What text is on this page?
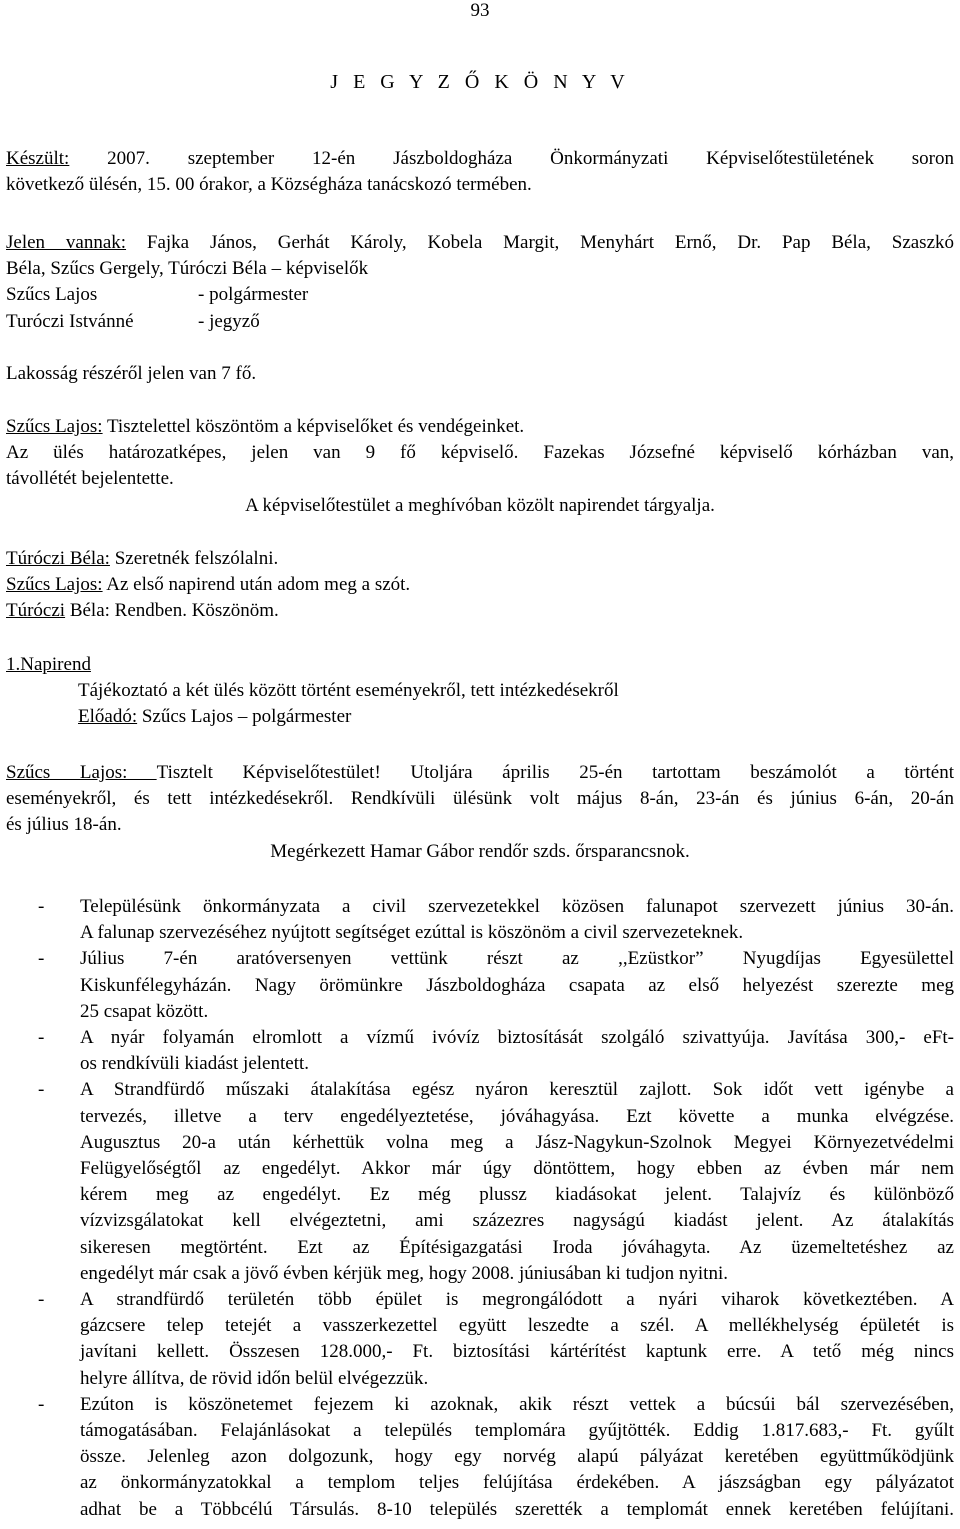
93
J E G Y Z Ő K Ö N Y V
Készült: 2007. szeptember 12-én Jászboldogháza Önkormányzati Képviselőtestületének soron
következő ülésén, 15. 00 órakor, a Községháza tanácskozó termében.
Jelen vannak: Fajka János, Gerhát Károly, Kobela Margit, Menyhárt Ernő, Dr. Pap Béla, Szaszkó
Béla, Szűcs Gergely, Túróczi Béla – képviselők
Szűcs Lajos	- polgármester
Turóczi Istvánné	- jegyző
Lakosság részéről jelen van 7 fő.
Szűcs Lajos: Tisztelettel köszöntöm a képviselőket és vendégeinket.
Az ülés határozatképes, jelen van 9 fő képviselő. Fazekas Józsefné képviselő kórházban van,
távollétét bejelentette.
A képviselőtestület a meghívóban közölt napirendet tárgyalja.
Túróczi Béla: Szeretnék felszólalni.
Szűcs Lajos: Az első napirend után adom meg a szót.
Túróczi Béla: Rendben. Köszönöm.
1.Napirend
Tájékoztató a két ülés között történt eseményekről, tett intézkedésekről
Előadó: Szűcs Lajos – polgármester
Szűcs Lajos: Tisztelt Képviselőtestület! Utoljára április 25-én tartottam beszámolót a történt
eseményekről, és tett intézkedésekről. Rendkívüli ülésünk volt május 8-án, 23-án és június 6-án, 20-án
és július 18-án.
Megérkezett Hamar Gábor rendőr szds. őrsparancsnok.
-	Településünk önkormányzata a civil szervezetekkel közösen falunapot szervezett június 30-án.
A falunap szervezéséhez nyújtott segítséget ezúttal is köszönöm a civil szervezeteknek.
-	Július 7-én aratóversenyen vettünk részt az ,,Ezüstkor” Nyugdíjas Egyesülettel
Kiskunfélegyházán. Nagy örömünkre Jászboldogháza csapata az első helyezést szerezte meg
25 csapat között.
-	A nyár folyamán elromlott a vízmű ivóvíz biztosítását szolgáló szivattyúja. Javítása 300,- eFt-
os rendkívüli kiadást jelentett.
-	A Strandfürdő műszaki átalakítása egész nyáron keresztül zajlott. Sok időt vett igénybe a
tervezés, illetve a terv engedélyeztetése, jóváhagyása. Ezt követte a munka elvégzése.
Augusztus 20-a után kérhettük volna meg a Jász-Nagykun-Szolnok Megyei Környezetvédelmi
Felügyelőségtől az engedélyt. Akkor már úgy döntöttem, hogy ebben az évben már nem
kérem meg az engedélyt. Ez még plussz kiadásokat jelent. Talajvíz és különböző
vízvizsgálatokat kell elvégeztetni, ami százezres nagyságú kiadást jelent. Az átalakítás
sikeresen megtörtént. Ezt az Építésigazgatási Iroda jóváhagyta. Az üzemeltetéshez az
engedélyt már csak a jövő évben kérjük meg, hogy 2008. júniusában ki tudjon nyitni.
-	A strandfürdő területén több épület is megrongálódott a nyári viharok következtében. A
gázcsere telep tetejét a vasszerkezettel együtt leszedte a szél. A mellékhelység épületét is
javítani kellett. Összesen 128.000,- Ft. biztosítási kártérítést kaptunk erre. A tető még nincs
helyre állítva, de rövid időn belül elvégezzük.
-	Ezúton is köszönetemet fejezem ki azoknak, akik részt vettek a búcsúi bál szervezésében,
támogatásában. Felajánlásokat a település templomára gyűjtötték. Eddig 1.817.683,- Ft. gyűlt
össze. Jelenleg azon dolgozunk, hogy egy norvég alapú pályázat keretében együttműködjünk
az önkormányzatokkal a templom teljes felújítása érdekében. A jászságban egy pályázatot
adhat be a Többcélú Társulás. 8-10 település szerették a templomát ennek keretében felújítani.
